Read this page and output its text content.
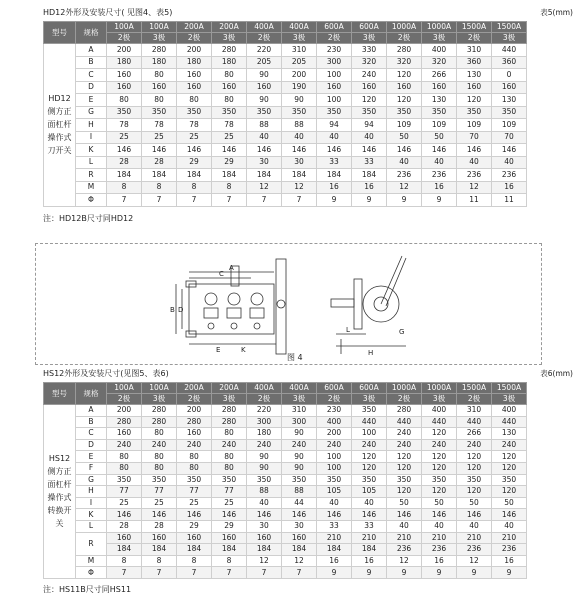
HD12外形及安装尺寸( 见图4、表5)	表5(mm)
型号	规格	100A	100A	200A	200A	400A	400A	600A	600A	1000A	1000A	1500A	1500A
		2极	3极	2极	3极	2极	3极	2极	3极	2极	3极	2极	3极
HD12 侧方正 面杠杆 操作式 刀开关	A	200	280	200	280	220	310	230	330	280	400	310	440
	B	180	180	180	180	205	205	300	320	320	320	360	360
	C	160	80	160	80	90	200	100	240	120	266	130	0
	D	160	160	160	160	160	190	160	160	160	160	160	160
	E	80	80	80	80	90	90	100	120	120	130	120	130
	G	350	350	350	350	350	350	350	350	350	350	350	350
	H	78	78	78	78	88	88	94	94	109	109	109	109
	I	25	25	25	25	40	40	40	40	50	50	70	70
	K	146	146	146	146	146	146	146	146	146	146	146	146
	L	28	28	29	29	30	30	33	33	40	40	40	40
	R	184	184	184	184	184	184	184	184	236	236	236	236
	M	8	8	8	8	12	12	16	16	12	16	12	16
	Φ	7	7	7	7	7	7	9	9	9	9	11	11
注：HD12B尺寸同HD12
A
C
B D
E	K
L
H
G
图 4
HS12外形及安装尺寸(见图5、表6)	表6(mm)
型号	规格	100A	100A	200A	200A	400A	400A	600A	600A	1000A	1000A	1500A	1500A
		2极	3极	2极	3极	2极	3极	2极	3极	2极	3极	2极	3极
HS12 侧方正 面杠杆 操作式 转换开 关	A	200	280	200	280	220	310	230	350	280	400	310	400
	B	280	280	280	280	300	300	400	440	440	440	440	440
	C	160	80	160	80	180	90	200	100	240	120	266	130
	D	240	240	240	240	240	240	240	240	240	240	240	240
	E	80	80	80	80	90	90	100	120	120	120	120	120
	F	80	80	80	80	90	90	100	120	120	120	120	120
	G	350	350	350	350	350	350	350	350	350	350	350	350
	H	77	77	77	77	88	88	105	105	120	120	120	120
	I	25	25	25	25	40	44	40	40	50	50	50	50
	K	146	146	146	146	146	146	146	146	146	146	146	146
	L	28	28	29	29	30	30	33	33	40	40	40	40
	R	160	160	160	160	160	160	210	210	210	210	210	210
		184	184	184	184	184	184	184	184	236	236	236	236
	M	8	8	8	8	12	12	16	16	12	16	12	16
	Φ	7	7	7	7	7	7	9	9	9	9	9	9
注：HS11B尺寸同HS11
